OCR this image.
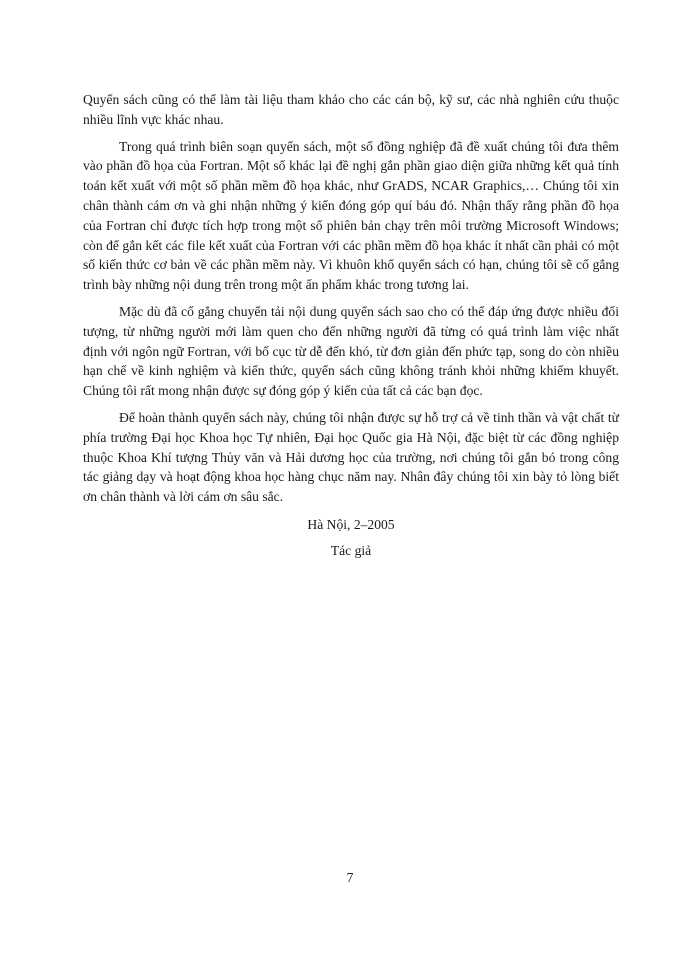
Quyển sách cũng có thể làm tài liệu tham khảo cho các cán bộ, kỹ sư, các nhà nghiên cứu thuộc nhiều lĩnh vực khác nhau.

Trong quá trình biên soạn quyển sách, một số đồng nghiệp đã đề xuất chúng tôi đưa thêm vào phần đồ họa của Fortran. Một số khác lại đề nghị gắn phần giao diện giữa những kết quả tính toán kết xuất với một số phần mềm đồ họa khác, như GrADS, NCAR Graphics,… Chúng tôi xin chân thành cám ơn và ghi nhận những ý kiến đóng góp quí báu đó. Nhận thấy rằng phần đồ họa của Fortran chỉ được tích hợp trong một số phiên bản chạy trên môi trường Microsoft Windows; còn để gắn kết các file kết xuất của Fortran với các phần mềm đồ họa khác ít nhất cần phải có một số kiến thức cơ bản về các phần mềm này. Vì khuôn khổ quyển sách có hạn, chúng tôi sẽ cố gắng trình bày những nội dung trên trong một ấn phẩm khác trong tương lai.

Mặc dù đã cố gắng chuyển tải nội dung quyển sách sao cho có thể đáp ứng được nhiều đối tượng, từ những người mới làm quen cho đến những người đã từng có quá trình làm việc nhất định với ngôn ngữ Fortran, với bố cục từ dễ đến khó, từ đơn giản đến phức tạp, song do còn nhiều hạn chế về kinh nghiệm và kiến thức, quyển sách cũng không tránh khỏi những khiếm khuyết. Chúng tôi rất mong nhận được sự đóng góp ý kiến của tất cả các bạn đọc.

Để hoàn thành quyển sách này, chúng tôi nhận được sự hỗ trợ cả về tinh thần và vật chất từ phía trường Đại học Khoa học Tự nhiên, Đại học Quốc gia Hà Nội, đặc biệt từ các đồng nghiệp thuộc Khoa Khí tượng Thủy văn và Hải dương học của trường, nơi chúng tôi gắn bó trong công tác giảng dạy và hoạt động khoa học hàng chục năm nay. Nhân đây chúng tôi xin bày tỏ lòng biết ơn chân thành và lời cám ơn sâu sắc.

Hà Nội, 2–2005
Tác giả
7
